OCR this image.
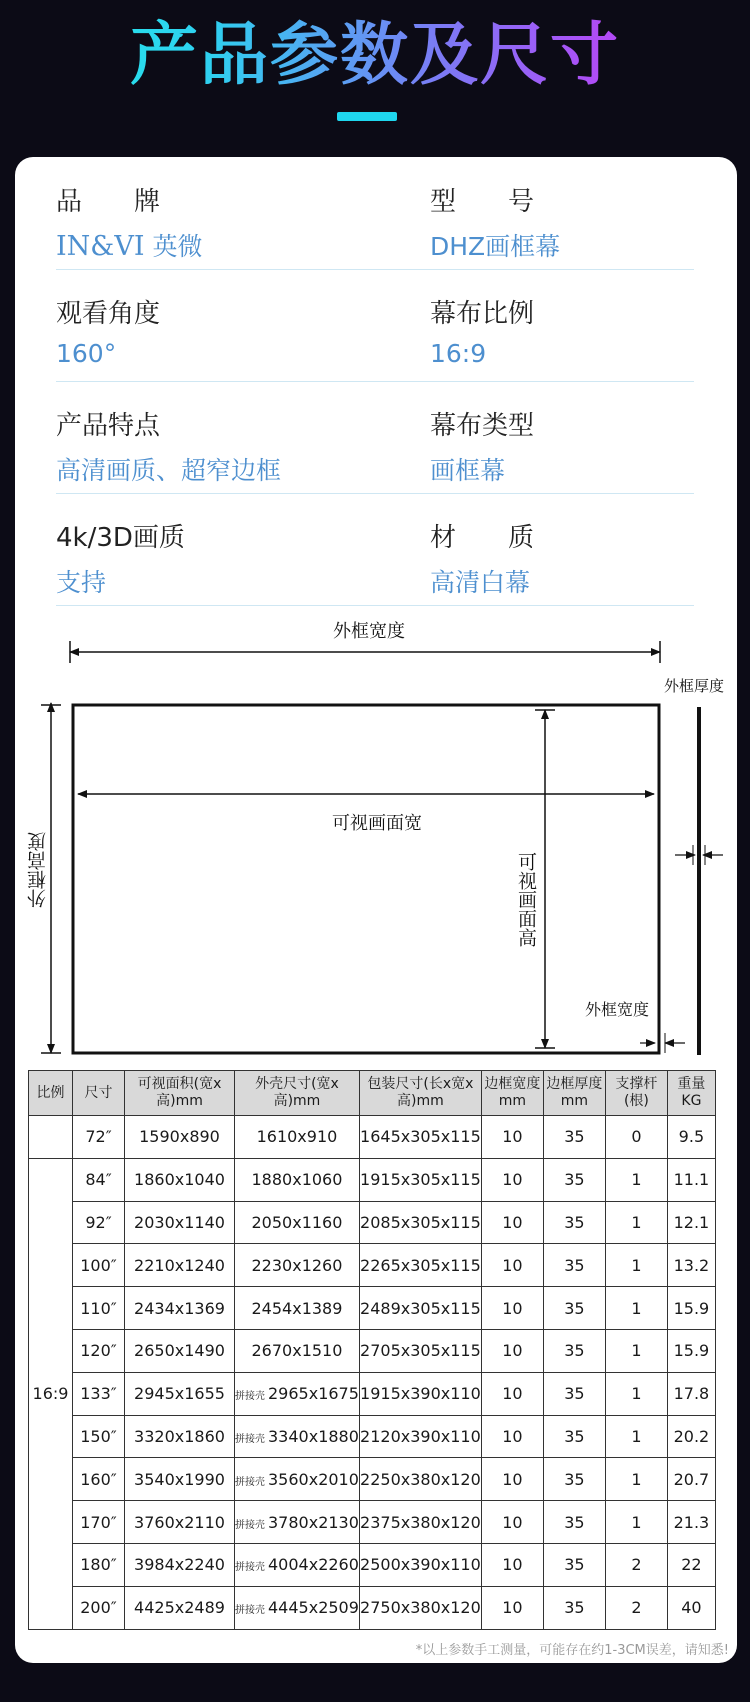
产品参数及尺寸
品　　牌
IN&VI 英微
型　　号
DHZ画框幕
观看角度
160°
幕布比例
16:9
产品特点
高清画质、超窄边框
幕布类型
画框幕
4k/3D画质
支持
材　　质
高清白幕
外框宽度
外框厚度
外框高度
可视画面宽
可视画面高
外框宽度
比例	尺寸	可视面积(宽x高)mm	外壳尺寸(宽x高)mm	包装尺寸(长x宽x高)mm	边框宽度mm	边框厚度mm	支撑杆(根)	重量KG
	72″	1590x890	1610x910	1645x305x115	10	35	0	9.5
16:9	84″	1860x1040	1880x1060	1915x305x115	10	35	1	11.1
	92″	2030x1140	2050x1160	2085x305x115	10	35	1	12.1
	100″	2210x1240	2230x1260	2265x305x115	10	35	1	13.2
	110″	2434x1369	2454x1389	2489x305x115	10	35	1	15.9
	120″	2650x1490	2670x1510	2705x305x115	10	35	1	15.9
	133″	2945x1655	拼接壳 2965x1675	1915x390x110	10	35	1	17.8
	150″	3320x1860	拼接壳 3340x1880	2120x390x110	10	35	1	20.2
	160″	3540x1990	拼接壳 3560x2010	2250x380x120	10	35	1	20.7
	170″	3760x2110	拼接壳 3780x2130	2375x380x120	10	35	1	21.3
	180″	3984x2240	拼接壳 4004x2260	2500x390x110	10	35	2	22
	200″	4425x2489	拼接壳 4445x2509	2750x380x120	10	35	2	40
*以上参数手工测量，可能存在约1-3CM误差，请知悉!
